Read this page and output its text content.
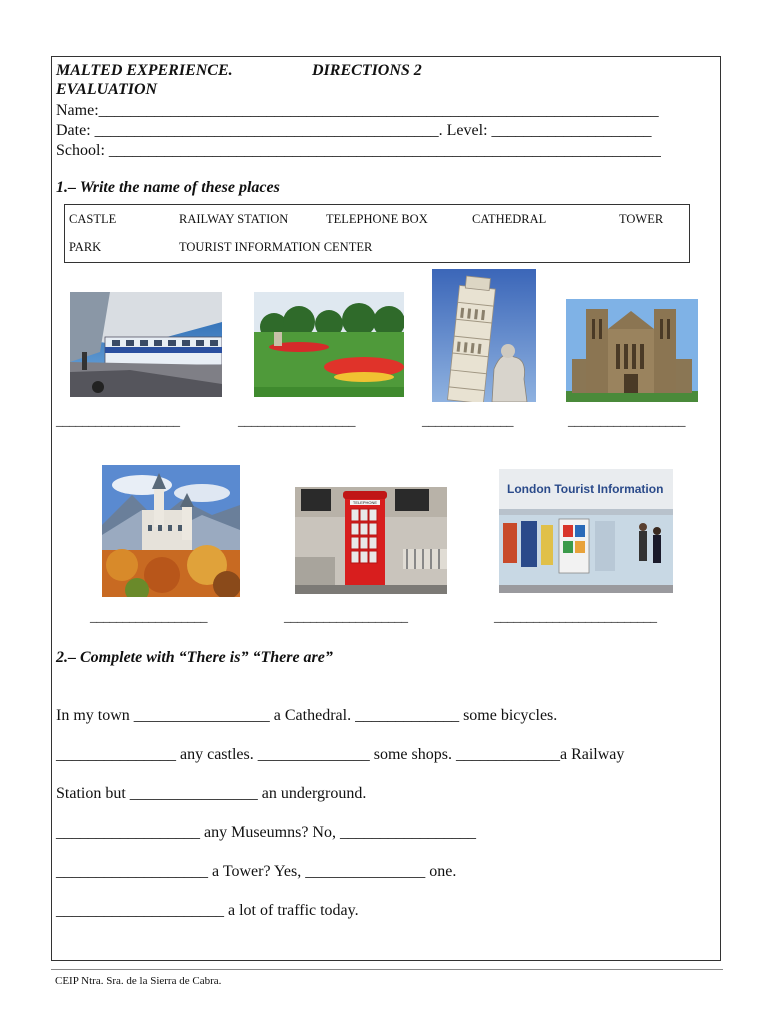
MALTED EXPERIENCE.
EVALUATION
DIRECTIONS 2
Name:______________________________________________________________________
Date: ___________________________________________. Level: ____________________
School: _____________________________________________________________________
1.– Write the name of these places
CASTLE	RAILWAY STATION	TELEPHONE BOX	CATHEDRAL	TOWER
PARK	TOURIST INFORMATION CENTER
___________________	__________________	______________	__________________
TELEPHONE
London Tourist Information
__________________	___________________	_________________________
2.– Complete with “There is” “There are”
In my town _________________ a Cathedral. _____________ some bicycles.
_______________ any castles. ______________ some shops. _____________a Railway
Station but ________________ an underground.
__________________ any Museumns? No, _________________
___________________ a Tower? Yes, _______________ one.
_____________________ a lot of traffic today.
CEIP Ntra. Sra. de la Sierra de Cabra.
